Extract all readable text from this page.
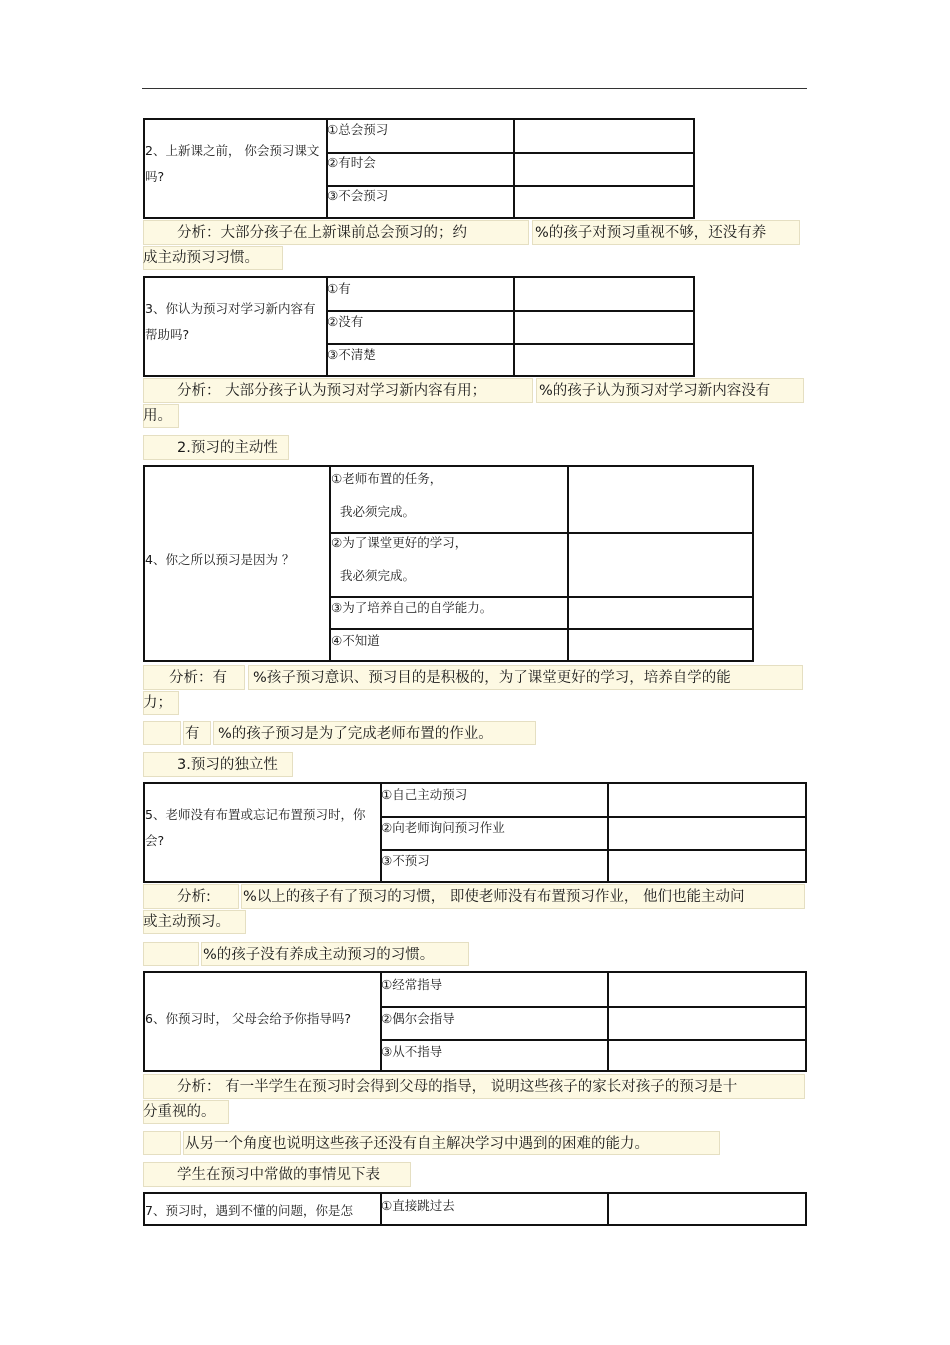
2、上新课之前， 你会预习课文吗?
①总会预习
②有时会
③不会预习
分析：大部分孩子在上新课前总会预习的；约	%的孩子对预习重视不够，还没有养
成主动预习习惯。
3、你认为预习对学习新内容有帮助吗?
①有
②没有
③不清楚
分析： 大部分孩子认为预习对学习新内容有用；	%的孩子认为预习对学习新内容没有
用。
2.预习的主动性
4、你之所以预习是因为 ？
①老师布置的任务，
我必须完成。
②为了课堂更好的学习，
我必须完成。
③为了培养自己的自学能力。
④不知道
分析：有 %孩子预习意识、预习目的是积极的，为了课堂更好的学习，培养自学的能
力；
有 %的孩子预习是为了完成老师布置的作业。
3.预习的独立性
5、老师没有布置或忘记布置预习时，你会?
①自己主动预习
②向老师询问预习作业
③不预习
分析: %以上的孩子有了预习的习惯， 即使老师没有布置预习作业， 他们也能主动问
或主动预习。
%的孩子没有养成主动预习的习惯。
6、你预习时， 父母会给予你指导吗?
①经常指导
②偶尔会指导
③从不指导
分析： 有一半学生在预习时会得到父母的指导， 说明这些孩子的家长对孩子的预习是十
分重视的。
从另一个角度也说明这些孩子还没有自主解决学习中遇到的困难的能力。
学生在预习中常做的事情见下表
7、预习时，遇到不懂的问题，你是怎 ①直接跳过去
